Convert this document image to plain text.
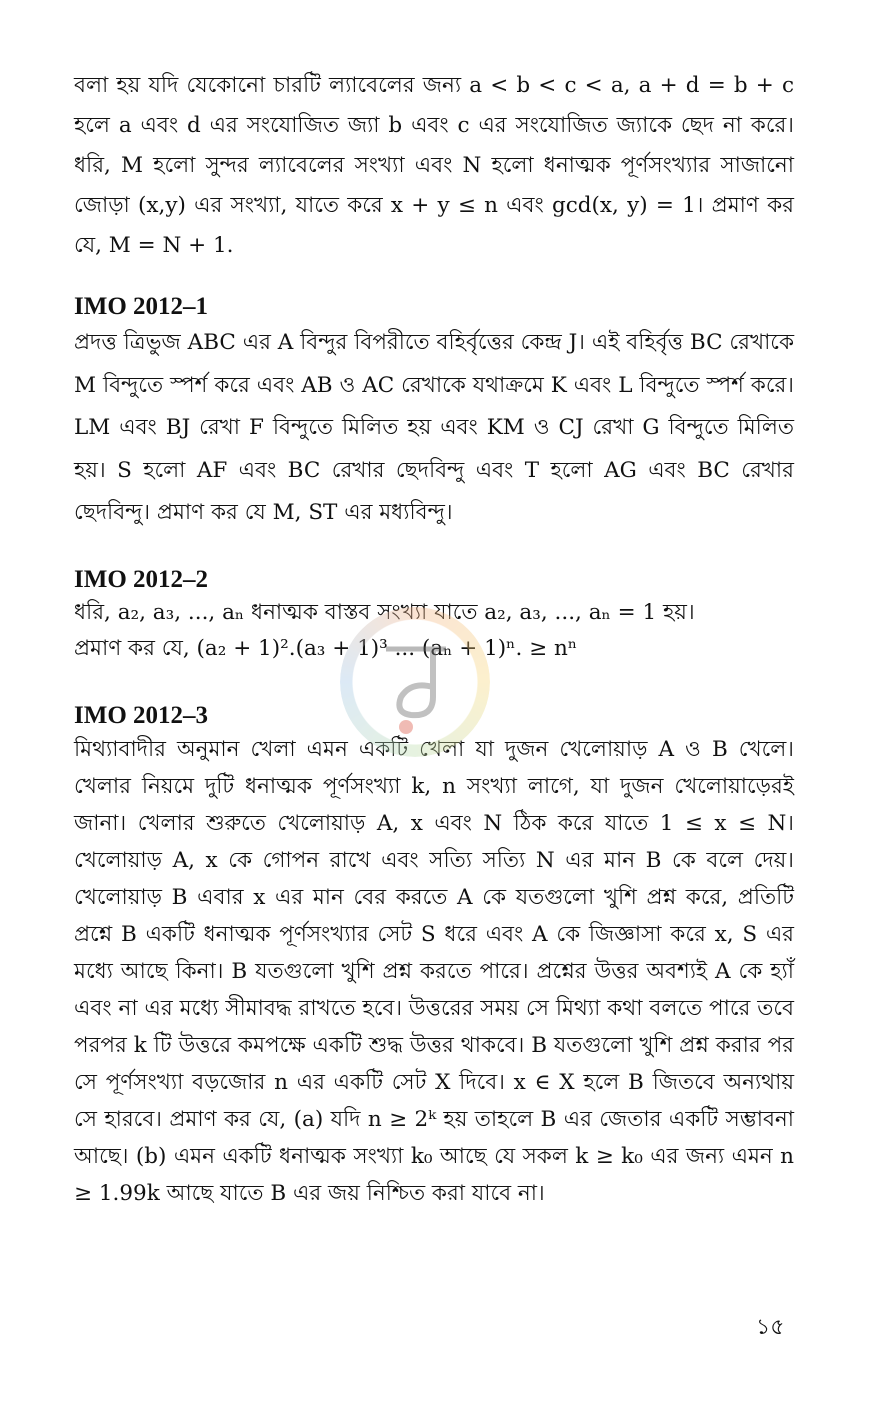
বলা হয় যদি যেকোনো চারটি ল্যাবেলের জন্য a < b < c < a, a + d = b + c হলে a এবং d এর সংযোজিত জ্যা b এবং c এর সংযোজিত জ্যাকে ছেদ না করে। ধরি, M হলো সুন্দর ল্যাবেলের সংখ্যা এবং N হলো ধনাত্মক পূর্ণসংখ্যার সাজানো জোড়া (x,y) এর সংখ্যা, যাতে করে x + y ≤ n এবং gcd(x, y) = 1। প্রমাণ কর যে, M = N + 1.

IMO 2012–1

প্রদত্ত ত্রিভুজ ABC এর A বিন্দুর বিপরীতে বহির্বৃত্তের কেন্দ্র J। এই বহির্বৃত্ত BC রেখাকে M বিন্দুতে স্পর্শ করে এবং AB ও AC রেখাকে যথাক্রমে K এবং L বিন্দুতে স্পর্শ করে। LM এবং BJ রেখা F বিন্দুতে মিলিত হয় এবং KM ও CJ রেখা G বিন্দুতে মিলিত হয়। S হলো AF এবং BC রেখার ছেদবিন্দু এবং T হলো AG এবং BC রেখার ছেদবিন্দু। প্রমাণ কর যে M, ST এর মধ্যবিন্দু।

IMO 2012–2

ধরি, a₂, a₃, ..., aₙ ধনাত্মক বাস্তব সংখ্যা যাতে a₂, a₃, ..., aₙ = 1 হয়।

প্রমাণ কর যে, (a₂ + 1)².(a₃ + 1)³ ... (aₙ + 1)ⁿ. ≥ nⁿ

IMO 2012–3

মিথ্যাবাদীর অনুমান খেলা এমন একটি খেলা যা দুজন খেলোয়াড় A ও B খেলে। খেলার নিয়মে দুটি ধনাত্মক পূর্ণসংখ্যা k, n সংখ্যা লাগে, যা দুজন খেলোয়াড়েরই জানা। খেলার শুরুতে খেলোয়াড় A, x এবং N ঠিক করে যাতে 1 ≤ x ≤ N। খেলোয়াড় A, x কে গোপন রাখে এবং সত্যি সত্যি N এর মান B কে বলে দেয়। খেলোয়াড় B এবার x এর মান বের করতে A কে যতগুলো খুশি প্রশ্ন করে, প্রতিটি প্রশ্নে B একটি ধনাত্মক পূর্ণসংখ্যার সেট S ধরে এবং A কে জিজ্ঞাসা করে x, S এর মধ্যে আছে কিনা। B যতগুলো খুশি প্রশ্ন করতে পারে। প্রশ্নের উত্তর অবশ্যই A কে হ্যাঁ এবং না এর মধ্যে সীমাবদ্ধ রাখতে হবে। উত্তরের সময় সে মিথ্যা কথা বলতে পারে তবে পরপর k টি উত্তরে কমপক্ষে একটি শুদ্ধ উত্তর থাকবে। B যতগুলো খুশি প্রশ্ন করার পর সে পূর্ণসংখ্যা বড়জোর n এর একটি সেট X দিবে। x ∈ X হলে B জিতবে অন্যথায় সে হারবে। প্রমাণ কর যে, (a) যদি n ≥ 2ᵏ হয় তাহলে B এর জেতার একটি সম্ভাবনা আছে। (b) এমন একটি ধনাত্মক সংখ্যা k₀ আছে যে সকল k ≥ k₀ এর জন্য এমন n ≥ 1.99k আছে যাতে B এর জয় নিশ্চিত করা যাবে না।

১৫
